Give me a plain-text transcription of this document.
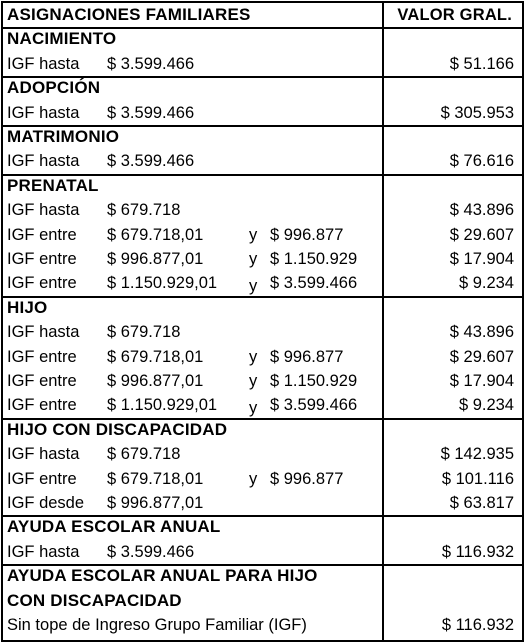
ASIGNACIONES FAMILIARES	VALOR GRAL.
NACIMIENTO
IGF hasta $ 3.599.466	$ 51.166
ADOPCIÓN
IGF hasta $ 3.599.466	$ 305.953
MATRIMONIO
IGF hasta $ 3.599.466	$ 76.616
PRENATAL
IGF hasta $ 679.718	$ 43.896
IGF entre $ 679.718,01	y $ 996.877	$ 29.607
IGF entre $ 996.877,01	y $ 1.150.929	$ 17.904
IGF entre $ 1.150.929,01 y $ 3.599.466	$ 9.234
HIJO
IGF hasta $ 679.718	$ 43.896
IGF entre $ 679.718,01	y $ 996.877	$ 29.607
IGF entre $ 996.877,01	y $ 1.150.929	$ 17.904
IGF entre $ 1.150.929,01 y $ 3.599.466	$ 9.234
HIJO CON DISCAPACIDAD
IGF hasta $ 679.718	$ 142.935
IGF entre $ 679.718,01	y $ 996.877	$ 101.116
IGF desde $ 996.877,01	$ 63.817
AYUDA ESCOLAR ANUAL
IGF hasta $ 3.599.466	$ 116.932
AYUDA ESCOLAR ANUAL PARA HIJO
CON DISCAPACIDAD
Sin tope de Ingreso Grupo Familiar (IGF)	$ 116.932
